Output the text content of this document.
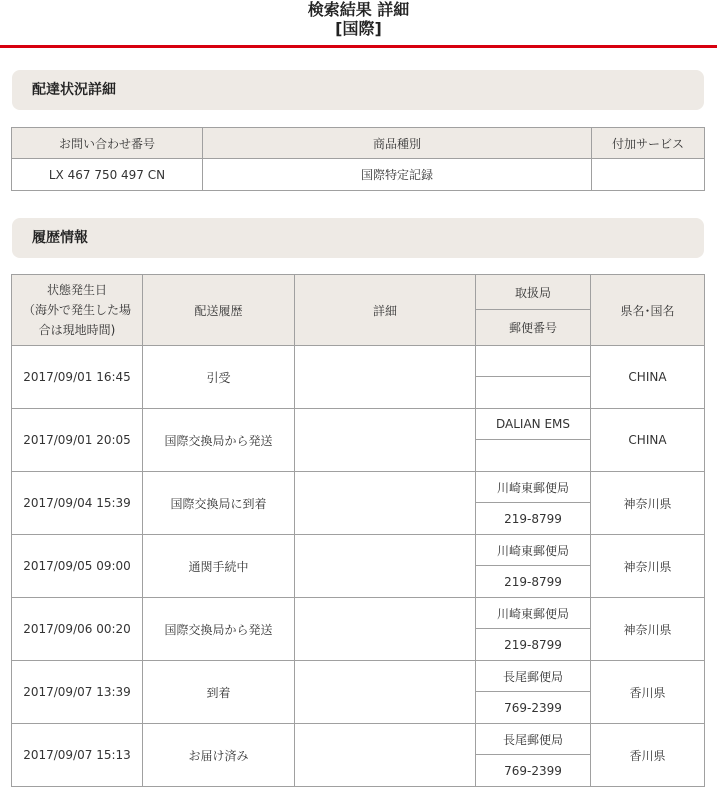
検索結果 詳細
[国際]
配達状況詳細
お問い合わせ番号	商品種別	付加サービス
LX 467 750 497 CN	国際特定記録	
履歴情報
状態発生日
（海外で発生した場
合は現地時間)	配送履歴	詳細	取扱局	県名･国名
			郵便番号	
2017/09/01 16:45	引受			CHINA

2017/09/01 20:05	国際交換局から発送		DALIAN EMS	CHINA

2017/09/04 15:39	国際交換局に到着		川崎東郵便局	神奈川県
			219-8799	
2017/09/05 09:00	通関手続中		川崎東郵便局	神奈川県
			219-8799	
2017/09/06 00:20	国際交換局から発送		川崎東郵便局	神奈川県
			219-8799	
2017/09/07 13:39	到着		長尾郵便局	香川県
			769-2399	
2017/09/07 15:13	お届け済み		長尾郵便局	香川県
			769-2399	
